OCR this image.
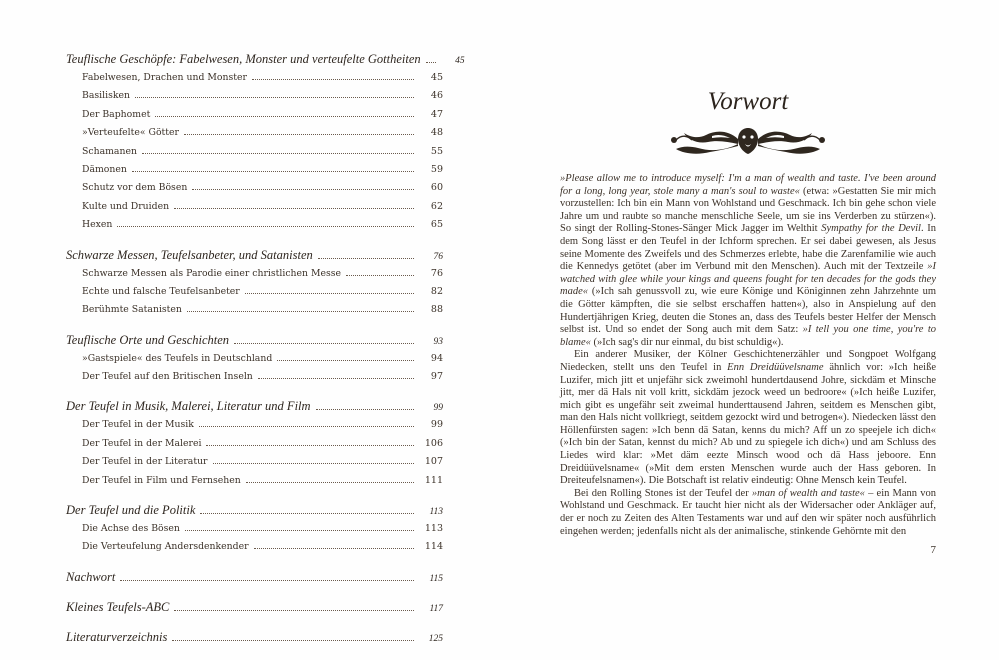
Teuflische Geschöpfe: Fabelwesen, Monster und verteufelte Gottheiten	45
Fabelwesen, Drachen und Monster	45
Basilisken	46
Der Baphomet	47
»Verteufelte« Götter	48
Schamanen	55
Dämonen	59
Schutz vor dem Bösen	60
Kulte und Druiden	62
Hexen	65
Schwarze Messen, Teufelsanbeter, und Satanisten	76
Schwarze Messen als Parodie einer christlichen Messe	76
Echte und falsche Teufelsanbeter	82
Berühmte Satanisten	88
Teuflische Orte und Geschichten	93
»Gastspiele« des Teufels in Deutschland	94
Der Teufel auf den Britischen Inseln	97
Der Teufel in Musik, Malerei, Literatur und Film	99
Der Teufel in der Musik	99
Der Teufel in der Malerei	106
Der Teufel in der Literatur	107
Der Teufel in Film und Fernsehen	111
Der Teufel und die Politik	113
Die Achse des Bösen	113
Die Verteufelung Andersdenkender	114
Nachwort	115
Kleines Teufels-ABC	117
Literaturverzeichnis	125
Vorwort

»Please allow me to introduce myself: I'm a man of wealth and taste. I've been around for a long, long year, stole many a man's soul to waste« (etwa: »Gestatten Sie mir mich vorzustellen: Ich bin ein Mann von Wohlstand und Geschmack. Ich bin gehe schon viele Jahre um und raubte so manche menschliche Seele, um sie ins Verderben zu stürzen«). So singt der Rolling-Stones-Sänger Mick Jagger im Welthit Sympathy for the Devil. In dem Song lässt er den Teufel in der Ichform sprechen. Er sei dabei gewesen, als Jesus seine Momente des Zweifels und des Schmerzes erlebte, habe die Zarenfamilie wie auch die Kennedys getötet (aber im Verbund mit den Menschen). Auch mit der Textzeile »I watched with glee while your kings and queens fought for ten decades for the gods they made« (»Ich sah genussvoll zu, wie eure Könige und Königinnen zehn Jahrzehnte um die Götter kämpften, die sie selbst erschaffen hatten«), also in Anspielung auf den Hundertjährigen Krieg, deuten die Stones an, dass des Teufels bester Helfer der Mensch selbst ist. Und so endet der Song auch mit dem Satz: »I tell you one time, you're to blame« (»Ich sag's dir nur einmal, du bist schuldig«).

Ein anderer Musiker, der Kölner Geschichtenerzähler und Songpoet Wolfgang Niedecken, stellt uns den Teufel in Enn Dreidüüvelsname ähnlich vor: »Ich heiße Luzifer, mich jitt et unjefähr sick zweimohl hundertdausend Johre, sickdäm et Minsche jitt, mer dä Hals nit voll kritt, sickdäm jezock weed un bedroore« (»Ich heiße Luzifer, mich gibt es ungefähr seit zweimal hunderttausend Jahren, seitdem es Menschen gibt, man den Hals nicht vollkriegt, seitdem gezockt wird und betrogen«). Niedecken lässt den Höllenfürsten sagen: »Ich benn dä Satan, kenns du mich? Aff un zo speejele ich dich« (»Ich bin der Satan, kennst du mich? Ab und zu spiegele ich dich«) und am Schluss des Liedes wird klar: »Met däm eezte Minsch wood och dä Hass jeboore. Enn Dreidüüvelsname« (»Mit dem ersten Menschen wurde auch der Hass geboren. In Dreiteufelsnamen«). Die Botschaft ist relativ eindeutig: Ohne Mensch kein Teufel.

Bei den Rolling Stones ist der Teufel der »man of wealth and taste« – ein Mann von Wohlstand und Geschmack. Er taucht hier nicht als der Widersacher oder Ankläger auf, der er noch zu Zeiten des Alten Testaments war und auf den wir später noch ausführlich eingehen werden; jedenfalls nicht als der animalische, stinkende Gehörnte mit den

7
